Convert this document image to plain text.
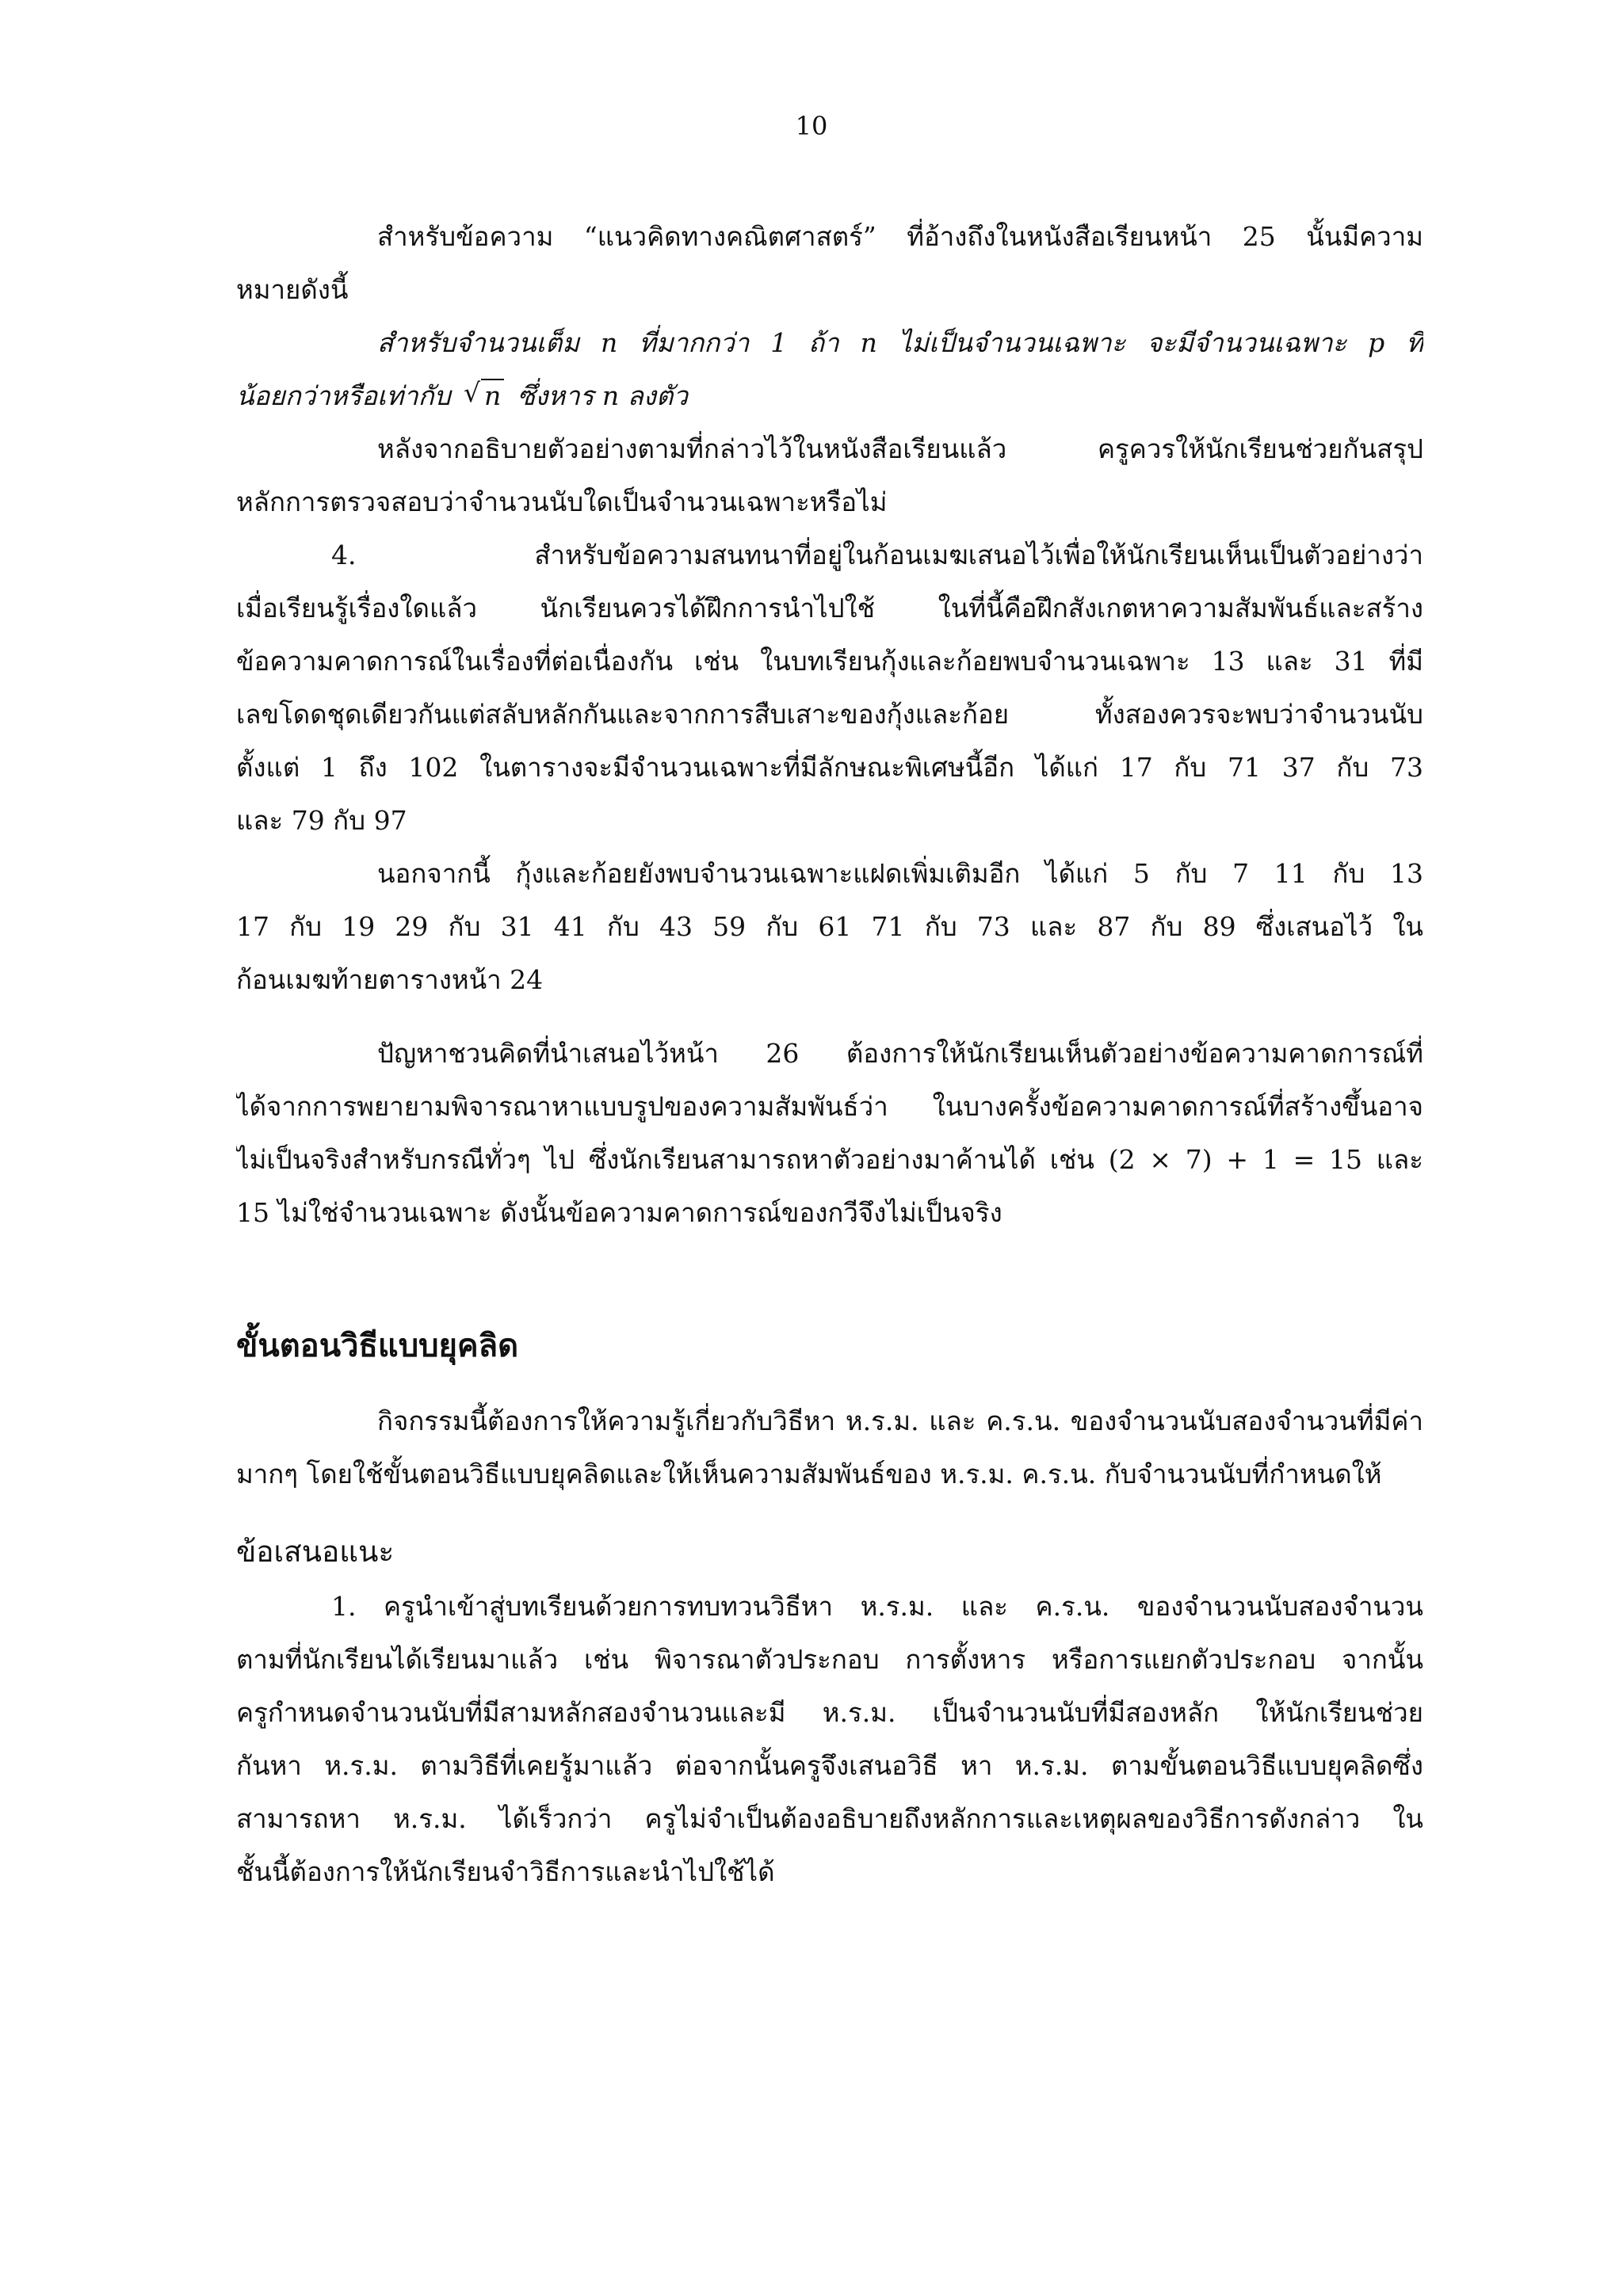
10
สำหรับข้อความ “แนวคิดทางคณิตศาสตร์” ที่อ้างถึงในหนังสือเรียนหน้า 25 นั้นมีความ
หมายดังนี้
สำหรับจำนวนเต็ม n ที่มากกว่า 1 ถ้า n ไม่เป็นจำนวนเฉพาะ จะมีจำนวนเฉพาะ p ที่
น้อยกว่าหรือเท่ากับ √ n ซึ่งหาร n ลงตัว
หลังจากอธิบายตัวอย่างตามที่กล่าวไว้ในหนังสือเรียนแล้ว ครูควรให้นักเรียนช่วยกันสรุป
หลักการตรวจสอบว่าจำนวนนับใดเป็นจำนวนเฉพาะหรือไม่
4. สำหรับข้อความสนทนาที่อยู่ในก้อนเมฆเสนอไว้เพื่อให้นักเรียนเห็นเป็นตัวอย่างว่า
เมื่อเรียนรู้เรื่องใดแล้ว นักเรียนควรได้ฝึกการนำไปใช้ ในที่นี้คือฝึกสังเกตหาความสัมพันธ์และสร้าง
ข้อความคาดการณ์ในเรื่องที่ต่อเนื่องกัน เช่น ในบทเรียนกุ้งและก้อยพบจำนวนเฉพาะ 13 และ 31 ที่มี
เลขโดดชุดเดียวกันแต่สลับหลักกันและจากการสืบเสาะของกุ้งและก้อย ทั้งสองควรจะพบว่าจำนวนนับ
ตั้งแต่ 1 ถึง 102 ในตารางจะมีจำนวนเฉพาะที่มีลักษณะพิเศษนี้อีก ได้แก่ 17 กับ 71 37 กับ 73
และ 79 กับ 97
นอกจากนี้ กุ้งและก้อยยังพบจำนวนเฉพาะแฝดเพิ่มเติมอีก ได้แก่ 5 กับ 7 11 กับ 13
17 กับ 19 29 กับ 31 41 กับ 43 59 กับ 61 71 กับ 73 และ 87 กับ 89 ซึ่งเสนอไว้ ใน
ก้อนเมฆท้ายตารางหน้า 24
ปัญหาชวนคิดที่นำเสนอไว้หน้า 26 ต้องการให้นักเรียนเห็นตัวอย่างข้อความคาดการณ์ที่
ได้จากการพยายามพิจารณาหาแบบรูปของความสัมพันธ์ว่า ในบางครั้งข้อความคาดการณ์ที่สร้างขึ้นอาจ
ไม่เป็นจริงสำหรับกรณีทั่วๆ ไป ซึ่งนักเรียนสามารถหาตัวอย่างมาค้านได้ เช่น (2 × 7) + 1 = 15 และ
15 ไม่ใช่จำนวนเฉพาะ ดังนั้นข้อความคาดการณ์ของกวีจึงไม่เป็นจริง
ขั้นตอนวิธีแบบยุคลิด
กิจกรรมนี้ต้องการให้ความรู้เกี่ยวกับวิธีหา ห.ร.ม. และ ค.ร.น. ของจำนวนนับสองจำนวนที่มีค่า
มากๆ โดยใช้ขั้นตอนวิธีแบบยุคลิดและให้เห็นความสัมพันธ์ของ ห.ร.ม. ค.ร.น. กับจำนวนนับที่กำหนดให้
ข้อเสนอแนะ
1. ครูนำเข้าสู่บทเรียนด้วยการทบทวนวิธีหา ห.ร.ม. และ ค.ร.น. ของจำนวนนับสองจำนวน
ตามที่นักเรียนได้เรียนมาแล้ว เช่น พิจารณาตัวประกอบ การตั้งหาร หรือการแยกตัวประกอบ จากนั้น
ครูกำหนดจำนวนนับที่มีสามหลักสองจำนวนและมี ห.ร.ม. เป็นจำนวนนับที่มีสองหลัก ให้นักเรียนช่วย
กันหา ห.ร.ม. ตามวิธีที่เคยรู้มาแล้ว ต่อจากนั้นครูจึงเสนอวิธี หา ห.ร.ม. ตามขั้นตอนวิธีแบบยุคลิดซึ่ง
สามารถหา ห.ร.ม. ได้เร็วกว่า ครูไม่จำเป็นต้องอธิบายถึงหลักการและเหตุผลของวิธีการดังกล่าว ใน
ชั้นนี้ต้องการให้นักเรียนจำวิธีการและนำไปใช้ได้
